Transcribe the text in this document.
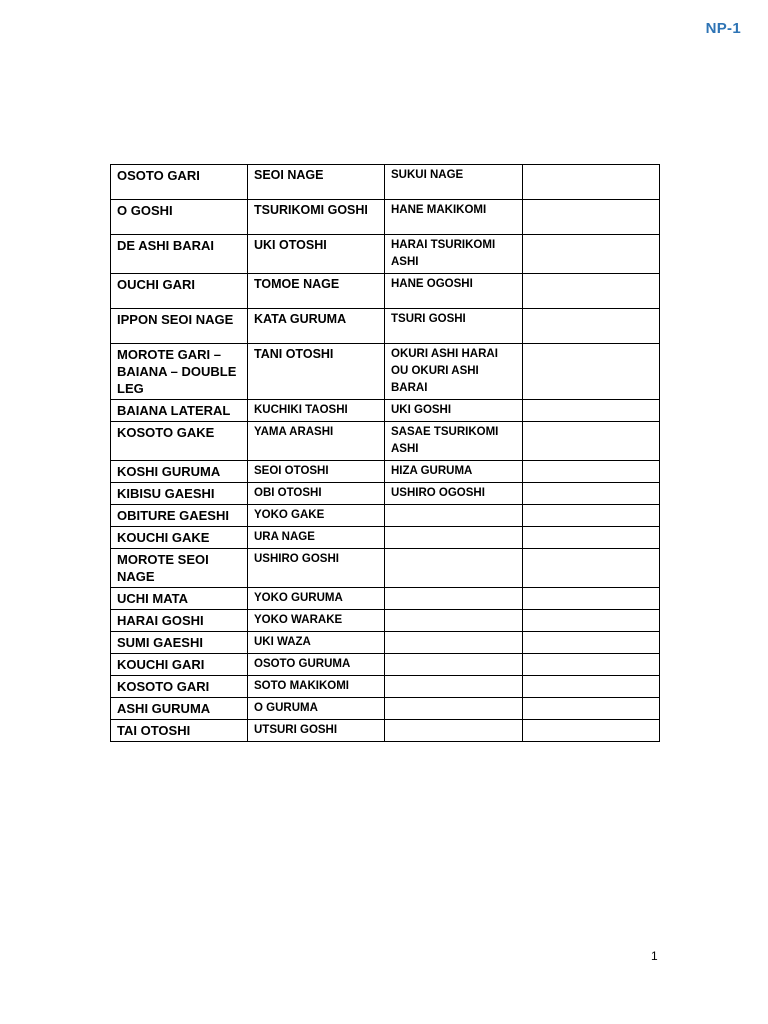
NP-1
OSOTO GARI	SEOI NAGE	SUKUI NAGE	
O GOSHI	TSURIKOMI GOSHI	HANE MAKIKOMI	
DE ASHI BARAI	UKI OTOSHI	HARAI TSURIKOMI ASHI	
OUCHI GARI	TOMOE NAGE	HANE OGOSHI	
IPPON SEOI NAGE	KATA GURUMA	TSURI GOSHI	
MOROTE GARI – BAIANA – DOUBLE LEG	TANI OTOSHI	OKURI ASHI HARAI OU OKURI ASHI BARAI	
BAIANA LATERAL	KUCHIKI TAOSHI	UKI GOSHI	
KOSOTO GAKE	YAMA ARASHI	SASAE TSURIKOMI ASHI	
KOSHI GURUMA	SEOI OTOSHI	HIZA GURUMA	
KIBISU GAESHI	OBI OTOSHI	USHIRO OGOSHI	
OBITURE GAESHI	YOKO GAKE		
KOUCHI GAKE	URA NAGE		
MOROTE SEOI NAGE	USHIRO GOSHI		
UCHI MATA	YOKO GURUMA		
HARAI GOSHI	YOKO WARAKE		
SUMI GAESHI	UKI WAZA		
KOUCHI GARI	OSOTO GURUMA		
KOSOTO GARI	SOTO MAKIKOMI		
ASHI GURUMA	O GURUMA		
TAI OTOSHI	UTSURI GOSHI		
1
